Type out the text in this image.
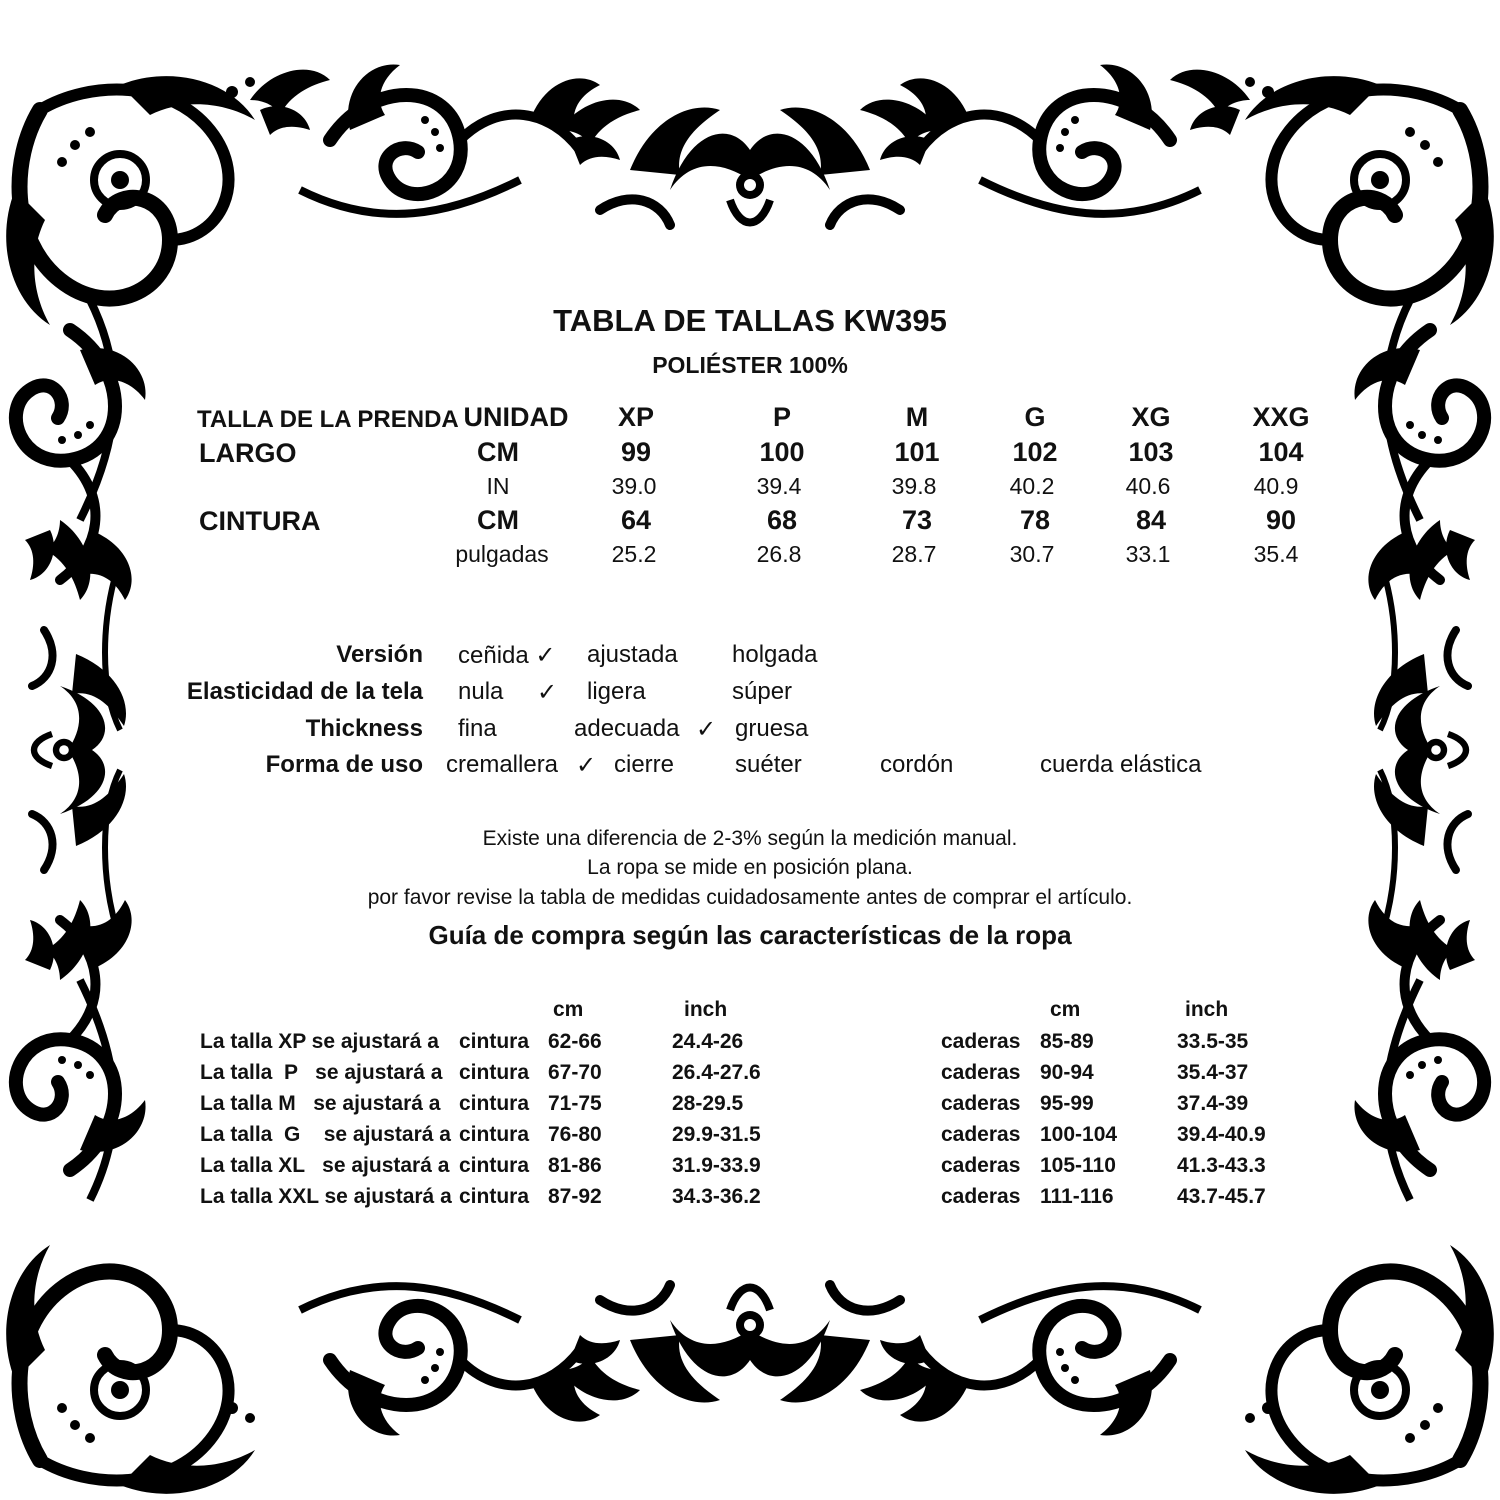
TABLA DE TALLAS KW395
POLIÉSTER 100%
TALLA DE LA PRENDA UNIDAD XP	P	M	G	XG	XXG
LARGO	CM	99	100	101	102	103	104
IN	39.0	39.4	39.8	40.2	40.6	40.9
CINTURA	CM	64	68	73	78	84	90
pulgadas	25.2	26.8	28.7	30.7	33.1	35.4
Versión ceñida ✓ ajustada holgada
Elasticidad de la tela nula ✓ ligera	súper
Thickness fina	adecuada ✓ gruesa
Forma de uso cremallera ✓ cierre	suéter	cordón	cuerda elástica
Existe una diferencia de 2-3% según la medición manual.
La ropa se mide en posición plana.
por favor revise la tabla de medidas cuidadosamente antes de comprar el artículo.
Guía de compra según las características de la ropa
cm	inch	cm	inch
La talla XP se ajustará a cintura 62-66	24.4-26	caderas 85-89	33.5-35
La talla  P   se ajustará a cintura 67-70	26.4-27.6	caderas 90-94	35.4-37
La talla M   se ajustará a cintura 71-75	28-29.5	caderas 95-99	37.4-39
La talla  G    se ajustará a cintura 76-80	29.9-31.5	caderas 100-104	39.4-40.9
La talla XL   se ajustará a cintura 81-86	31.9-33.9	caderas 105-110	41.3-43.3
La talla XXL se ajustará a cintura 87-92	34.3-36.2	caderas 111-116	43.7-45.7
